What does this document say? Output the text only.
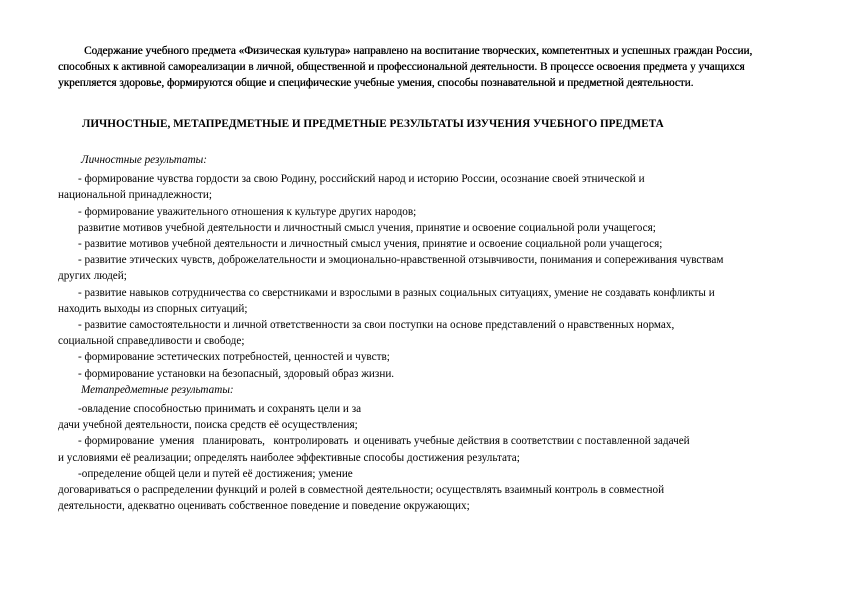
Содержание учебного предмета «Физическая культура» направлено на воспитание творческих, компетентных и успешных граждан России, способных к активной самореализации в личной, общественной и профессиональной деятельности. В процессе освоения предмета у учащихся укрепляется здоровье, формируются общие и специфические учебные умения, способы познавательной и предметной деятельности.
ЛИЧНОСТНЫЕ, МЕТАПРЕДМЕТНЫЕ И ПРЕДМЕТНЫЕ РЕЗУЛЬТАТЫ ИЗУЧЕНИЯ УЧЕБНОГО ПРЕДМЕТА
Личностные результаты:
- формирование чувства гордости за свою Родину, российский народ и историю России, осознание своей этнической и
национальной принадлежности;
- формирование уважительного отношения к культуре других народов;
развитие мотивов учебной деятельности и личностный смысл учения, принятие и освоение социальной роли учащегося;
- развитие мотивов учебной деятельности и личностный смысл учения, принятие и освоение социальной роли учащегося;
- развитие этических чувств, доброжелательности и эмоционально-нравственной отзывчивости, понимания и сопереживания чувствам
других людей;
- развитие навыков сотрудничества со сверстниками и взрослыми в разных социальных ситуациях, умение не создавать конфликты и
находить выходы из спорных ситуаций;
- развитие самостоятельности и личной ответственности за свои поступки на основе представлений о нравственных нормах,
социальной справедливости и свободе;
- формирование эстетических потребностей, ценностей и чувств;
- формирование установки на безопасный, здоровый образ жизни.
Метапредметные результаты:
-овладение способностью принимать и сохранять цели и за
дачи учебной деятельности, поиска средств её осуществления;
- формирование  умения   планировать,   контролировать  и оценивать учебные действия в соответствии с поставленной задачей
и условиями её реализации; определять наиболее эффективные способы достижения результата;
-определение общей цели и путей её достижения; умение
договариваться о распределении функций и ролей в совместной деятельности; осуществлять взаимный контроль в совместной
деятельности, адекватно оценивать собственное поведение и поведение окружающих;
